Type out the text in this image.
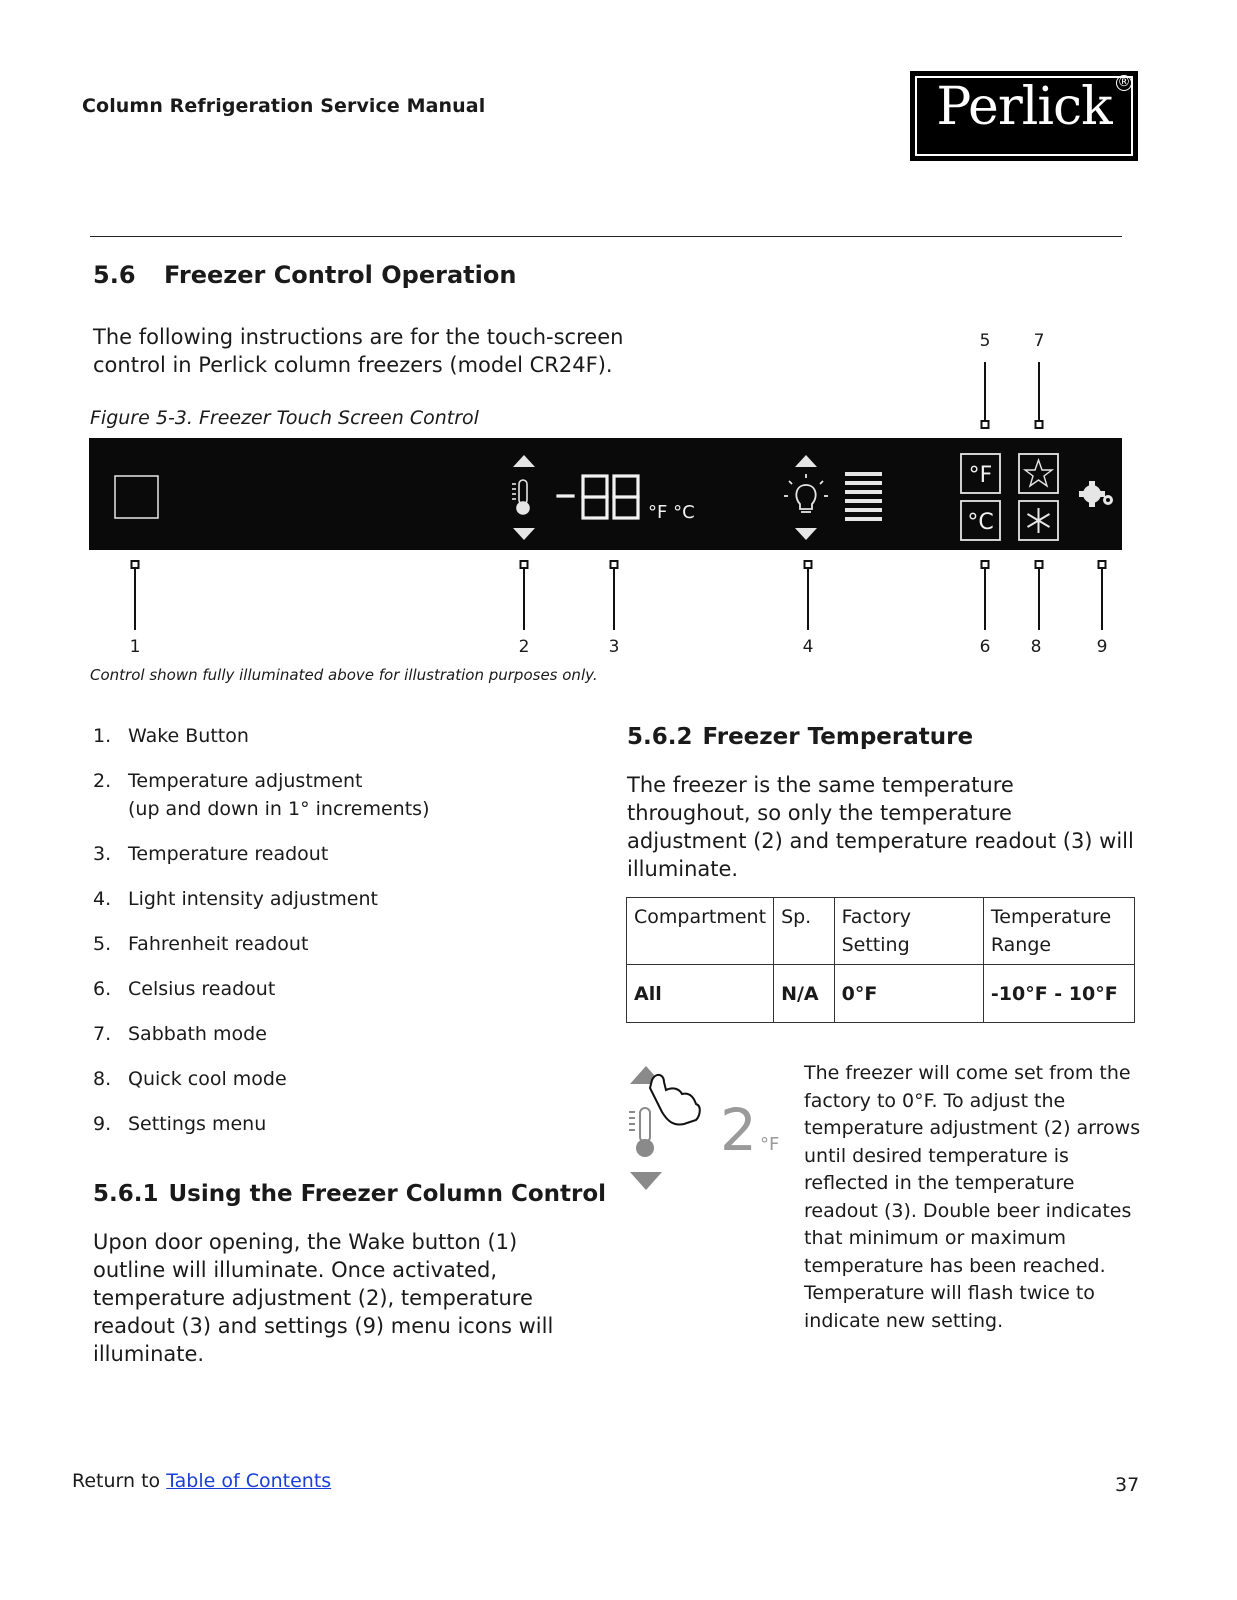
Column Refrigeration Service Manual	Perlick ®
5.6 Freezer Control Operation
The following instructions are for the touch-screen control in Perlick column freezers (model CR24F).
Figure 5-3. Freezer Touch Screen Control
°F °C
°F
°C
5	7
1	2	3	4	6	8	9
Control shown fully illuminated above for illustration purposes only.
1. Wake Button
2. Temperature adjustment
(up and down in 1° increments)
3. Temperature readout
4. Light intensity adjustment
5. Fahrenheit readout
6. Celsius readout
7. Sabbath mode
8. Quick cool mode
9. Settings menu
5.6.1 Using the Freezer Column Control
Upon door opening, the Wake button (1) outline will illuminate. Once activated, temperature adjustment (2), temperature readout (3) and settings (9) menu icons will illuminate.
5.6.2 Freezer Temperature
The freezer is the same temperature throughout, so only the temperature adjustment (2) and temperature readout (3) will illuminate.
Compartment	Sp.	Factory Setting	Temperature Range
All	N/A	0°F	-10°F - 10°F
2 °F
The freezer will come set from the factory to 0°F. To adjust the temperature adjustment (2) arrows until desired temperature is reflected in the temperature readout (3). Double beer indicates that minimum or maximum temperature has been reached. Temperature will flash twice to indicate new setting.
Return to Table of Contents	37
